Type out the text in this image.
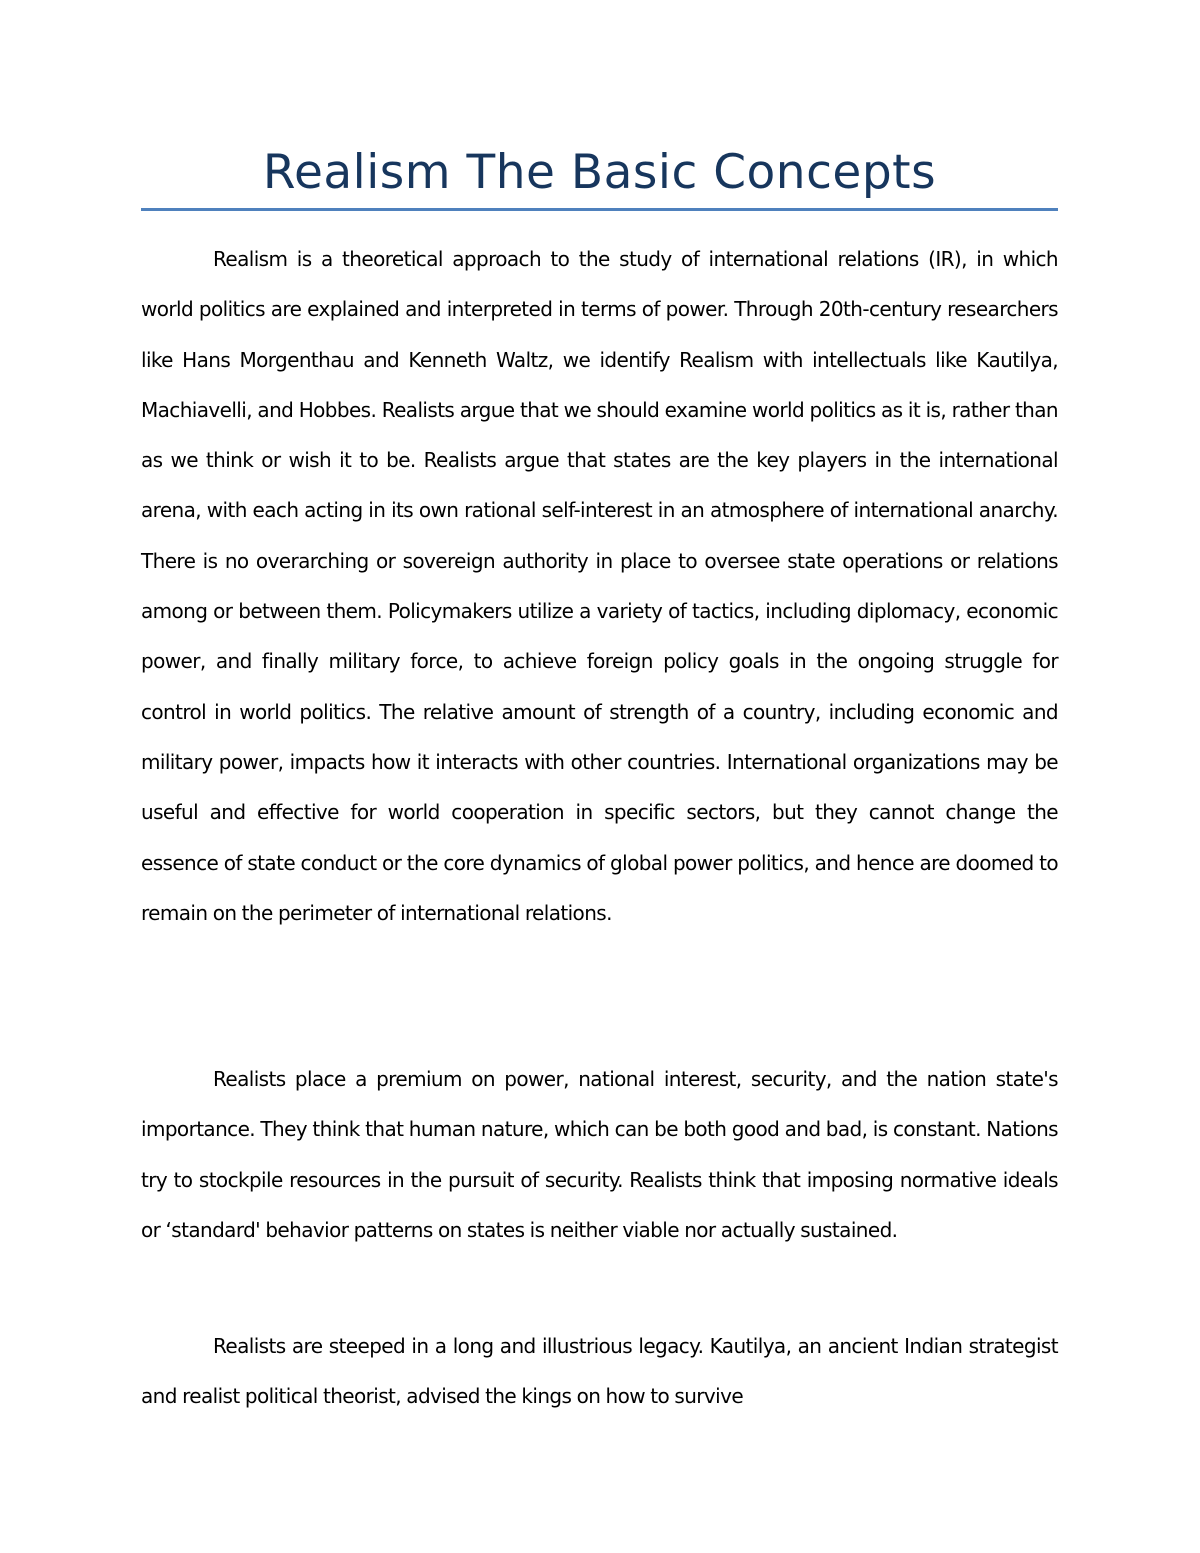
Realism The Basic Concepts

Realism is a theoretical approach to the study of international relations (IR), in which world politics are explained and interpreted in terms of power. Through 20th-century researchers like Hans Morgenthau and Kenneth Waltz, we identify Realism with intellectuals like Kautilya, Machiavelli, and Hobbes. Realists argue that we should examine world politics as it is, rather than as we think or wish it to be. Realists argue that states are the key players in the international arena, with each acting in its own rational self-interest in an atmosphere of international anarchy. There is no overarching or sovereign authority in place to oversee state operations or relations among or between them. Policymakers utilize a variety of tactics, including diplomacy, economic power, and finally military force, to achieve foreign policy goals in the ongoing struggle for control in world politics. The relative amount of strength of a country, including economic and military power, impacts how it interacts with other countries. International organizations may be useful and effective for world cooperation in specific sectors, but they cannot change the essence of state conduct or the core dynamics of global power politics, and hence are doomed to remain on the perimeter of international relations.

Realists place a premium on power, national interest, security, and the nation state's importance. They think that human nature, which can be both good and bad, is constant. Nations try to stockpile resources in the pursuit of security. Realists think that imposing normative ideals or ‘standard' behavior patterns on states is neither viable nor actually sustained.

Realists are steeped in a long and illustrious legacy. Kautilya, an ancient Indian strategist and realist political theorist, advised the kings on how to survive
